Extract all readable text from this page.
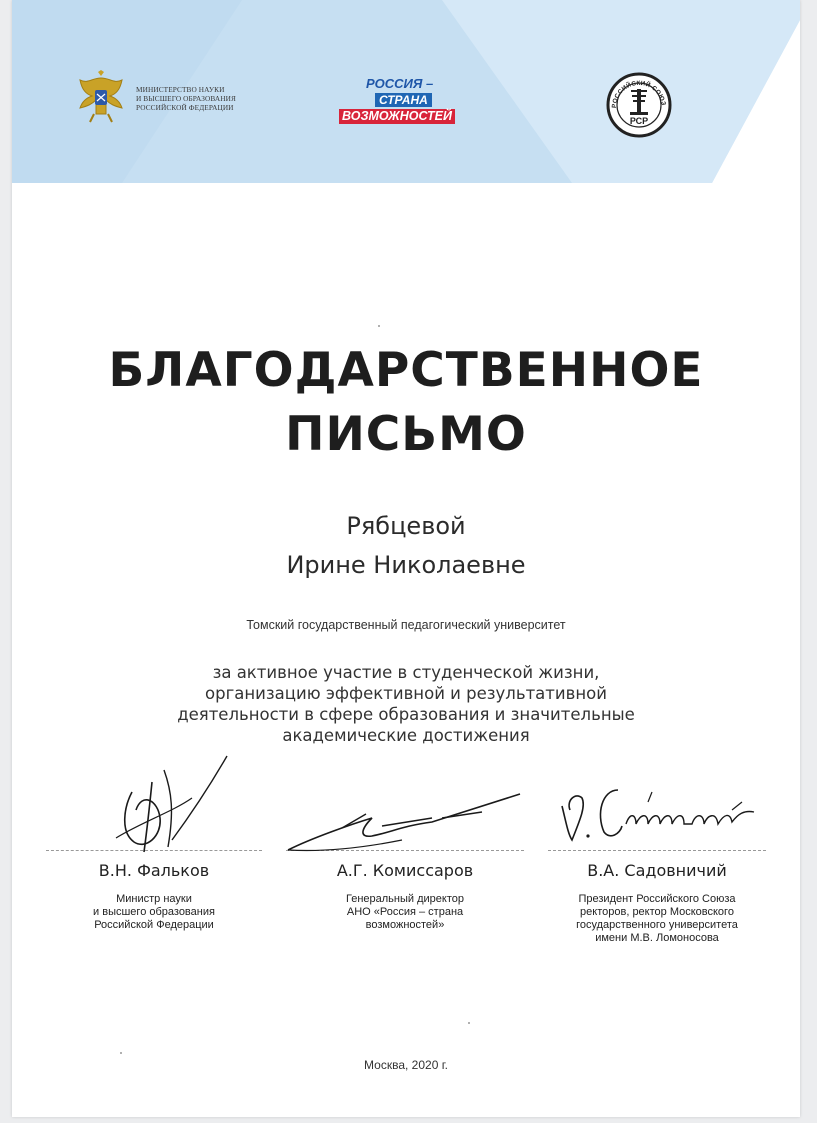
МИНИСТЕРСТВО НАУКИ
И ВЫСШЕГО ОБРАЗОВАНИЯ
РОССИЙСКОЙ ФЕДЕРАЦИИ
РОССИЯ –
СТРАНА
ВОЗМОЖНОСТЕЙ
РОССИЙСКИЙ СОЮЗ
РСР
БЛАГОДАРСТВЕННОЕ
ПИСЬМО
Рябцевой
Ирине Николаевне
Томский государственный педагогический университет
за активное участие в студенческой жизни,
организацию эффективной и результативной
деятельности в сфере образования и значительные
академические достижения
В.Н. Фальков
Министр науки
и высшего образования
Российской Федерации
А.Г. Комиссаров
Генеральный директор
АНО «Россия – страна
возможностей»
В.А. Садовничий
Президент Российского Союза
ректоров, ректор Московского
государственного университета
имени М.В. Ломоносова
Москва, 2020 г.
